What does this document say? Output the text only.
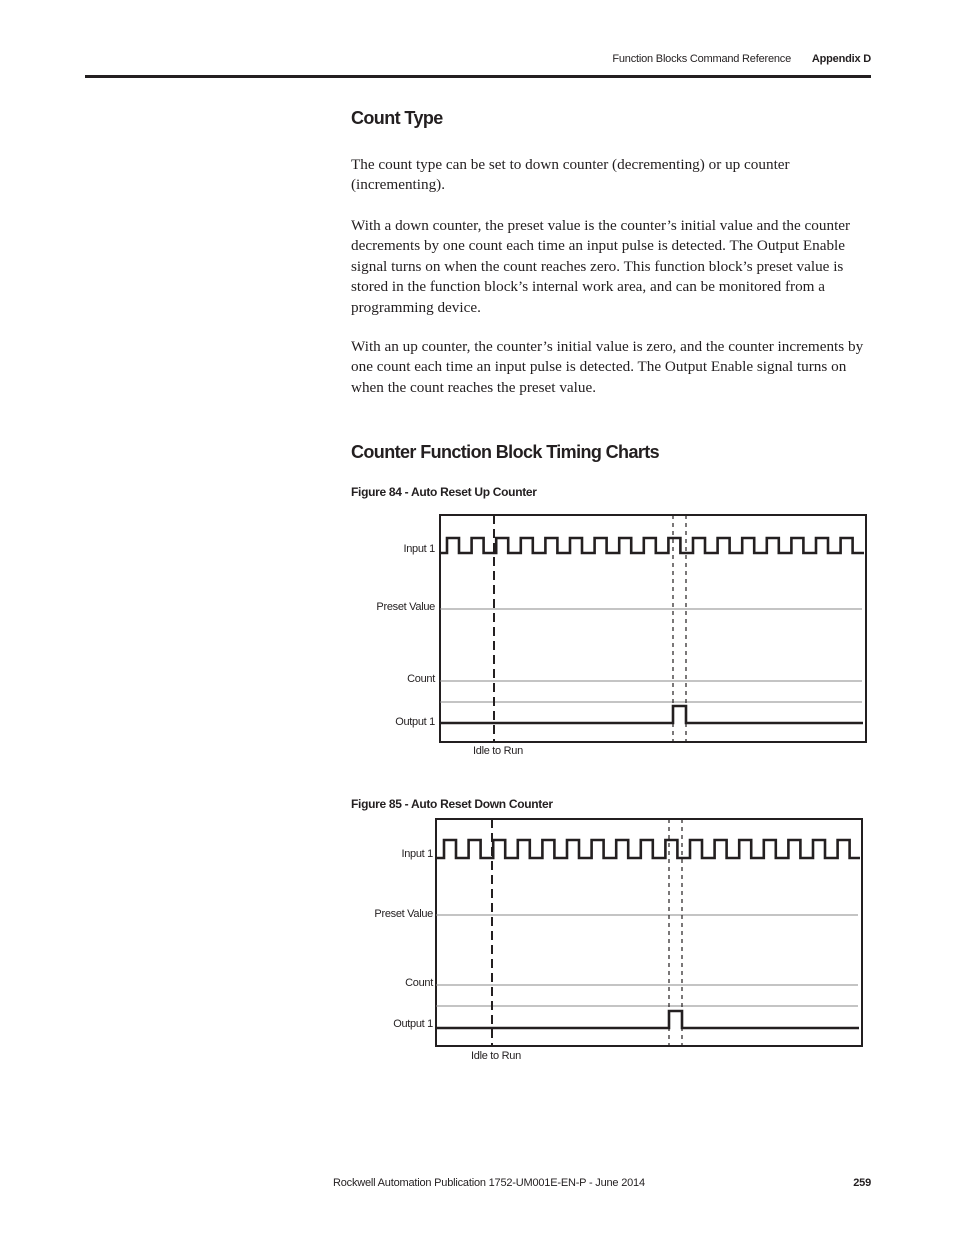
Function Blocks Command Reference Appendix D
Count Type

The count type can be set to down counter (decrementing) or up counter (incrementing).

With a down counter, the preset value is the counter’s initial value and the counter decrements by one count each time an input pulse is detected. The Output Enable signal turns on when the count reaches zero. This function block’s preset value is stored in the function block’s internal work area, and can be monitored from a programming device.

With an up counter, the counter’s initial value is zero, and the counter increments by one count each time an input pulse is detected. The Output Enable signal turns on when the count reaches the preset value.

Counter Function Block Timing Charts
Figure 84 - Auto Reset Up Counter
Input 1
Preset Value
Count
Output 1
Idle to Run
Figure 85 - Auto Reset Down Counter
Input 1
Preset Value
Count
Output 1
Idle to Run
Rockwell Automation Publication 1752-UM001E-EN-P - June 2014	259
